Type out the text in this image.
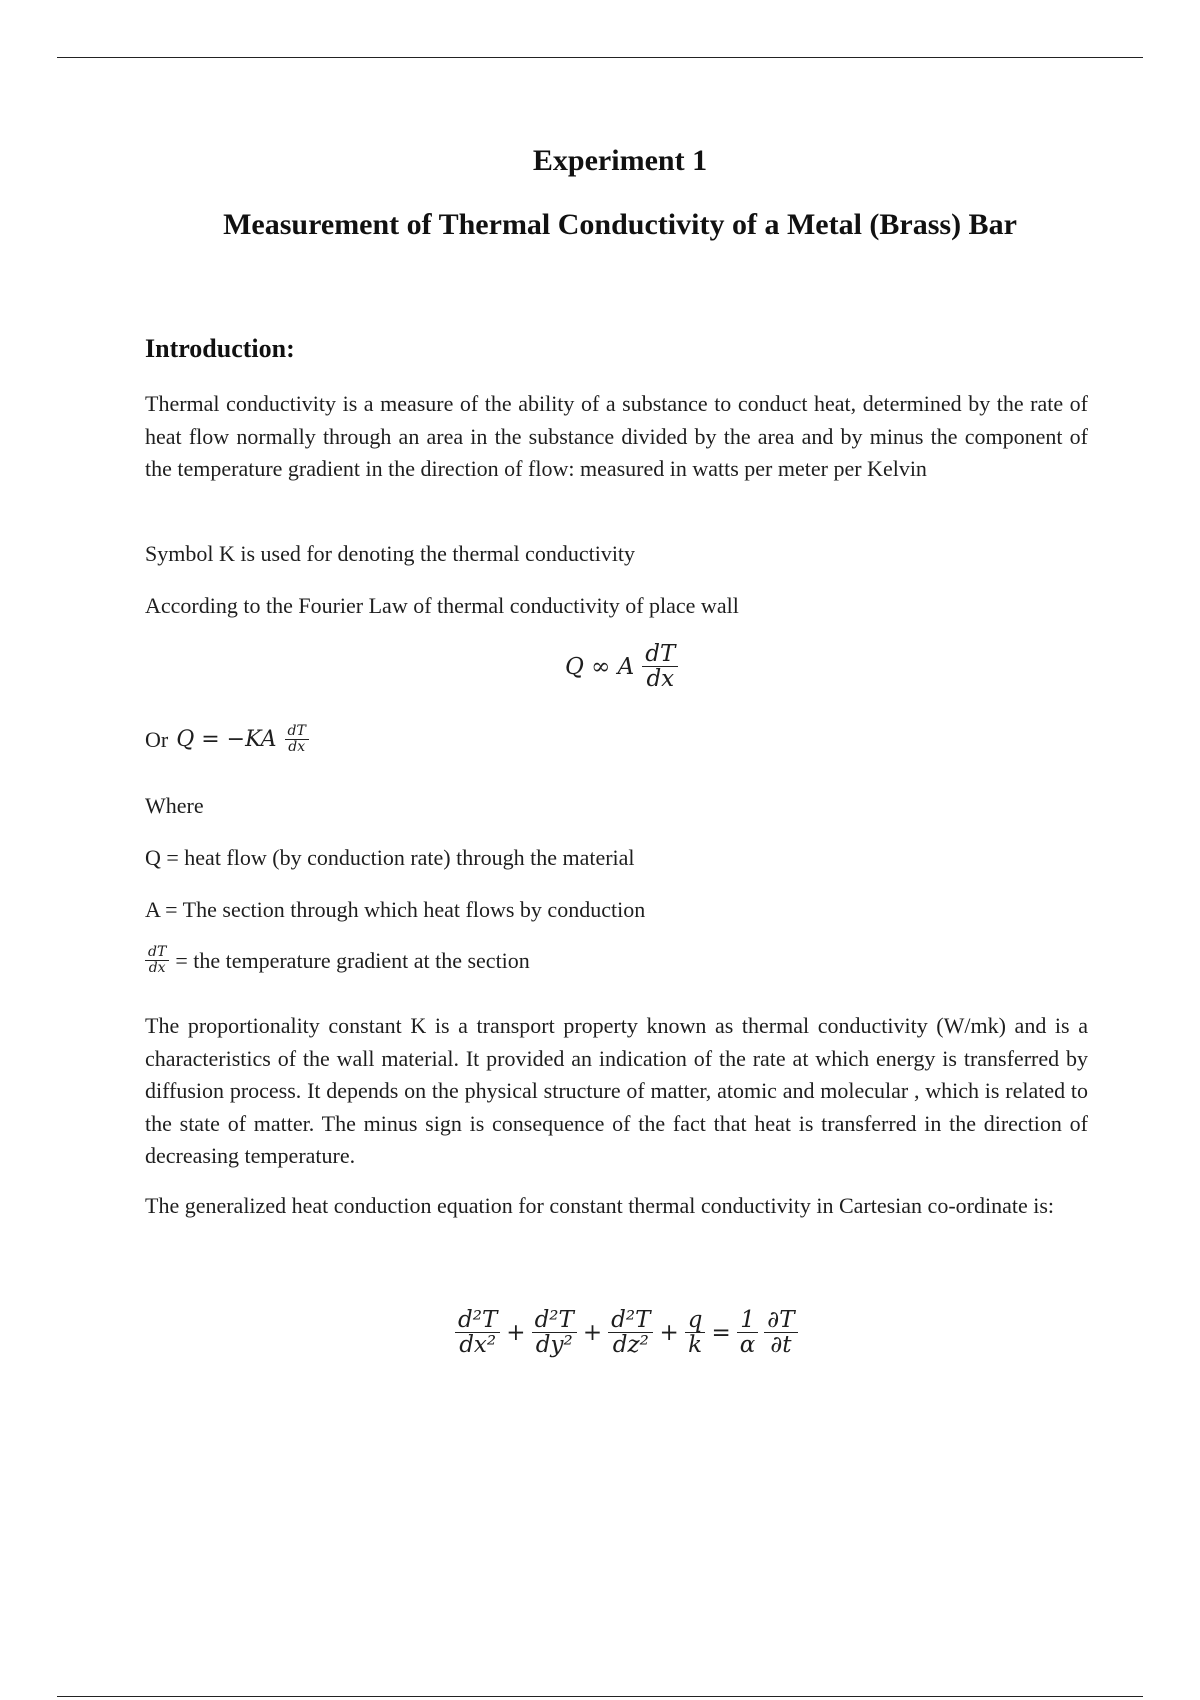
Experiment 1
Measurement of Thermal Conductivity of a Metal (Brass) Bar
Introduction:
Thermal conductivity is a measure of the ability of a substance to conduct heat, determined by the rate of heat flow normally through an area in the substance divided by the area and by minus the component of the temperature gradient in the direction of flow: measured in watts per meter per Kelvin
Symbol K is used for denoting the thermal conductivity
According to the Fourier Law of thermal conductivity of place wall
Q ∞ A $\frac{dT}{dx}$
Or $Q = -KA \frac{dT}{dx}$
Where
Q = heat flow (by conduction rate) through the material
A = The section through which heat flows by conduction
$\frac{dT}{dx}$ = the temperature gradient at the section
The proportionality constant K is a transport property known as thermal conductivity (W/mk) and is a characteristics of the wall material. It provided an indication of the rate at which energy is transferred by diffusion process. It depends on the physical structure of matter, atomic and molecular , which is related to the state of matter. The minus sign is consequence of the fact that heat is transferred in the direction of decreasing temperature.
The generalized heat conduction equation for constant thermal conductivity in Cartesian co-ordinate is:
$\frac{\text{d²T}}{\text{dx²}} + \frac{\text{d²T}}{\text{dy²}} + \frac{\text{d²T}}{\text{dz²}} + \frac{q}{k} = \frac{1}{\alpha} \frac{\partial T}{\partial t}$
